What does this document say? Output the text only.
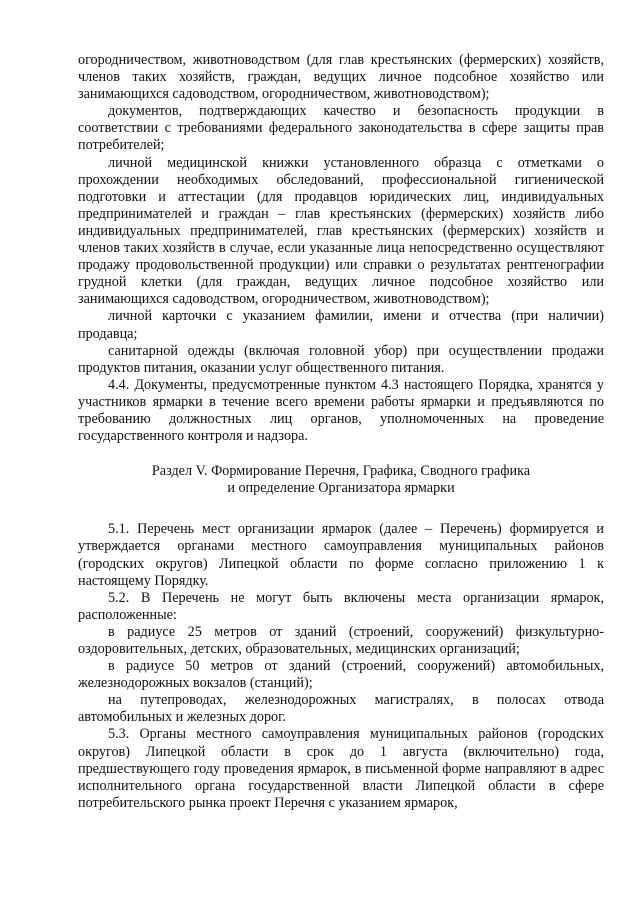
огородничеством, животноводством (для глав крестьянских (фермерских) хозяйств, членов таких хозяйств, граждан, ведущих личное подсобное хозяйство или занимающихся садоводством, огородничеством, животноводством);

документов, подтверждающих качество и безопасность продукции в соответствии с требованиями федерального законодательства в сфере защиты прав потребителей;

личной медицинской книжки установленного образца с отметками о прохождении необходимых обследований, профессиональной гигиенической подготовки и аттестации (для продавцов юридических лиц, индивидуальных предпринимателей и граждан – глав крестьянских (фермерских) хозяйств либо индивидуальных предпринимателей, глав крестьянских (фермерских) хозяйств и членов таких хозяйств в случае, если указанные лица непосредственно осуществляют продажу продовольственной продукции) или справки о результатах рентгенографии грудной клетки (для граждан, ведущих личное подсобное хозяйство или занимающихся садоводством, огородничеством, животноводством);

личной карточки с указанием фамилии, имени и отчества (при наличии) продавца;

санитарной одежды (включая головной убор) при осуществлении продажи продуктов питания, оказании услуг общественного питания.

4.4. Документы, предусмотренные пунктом 4.3 настоящего Порядка, хранятся у участников ярмарки в течение всего времени работы ярмарки и предъявляются по требованию должностных лиц органов, уполномоченных на проведение государственного контроля и надзора.

Раздел V. Формирование Перечня, Графика, Сводного графика
и определение Организатора ярмарки

5.1. Перечень мест организации ярмарок (далее – Перечень) формируется и утверждается органами местного самоуправления муниципальных районов (городских округов) Липецкой области по форме согласно приложению 1 к настоящему Порядку.

5.2. В Перечень не могут быть включены места организации ярмарок, расположенные:

в радиусе 25 метров от зданий (строений, сооружений) физкультурно-оздоровительных, детских, образовательных, медицинских организаций;

в радиусе 50 метров от зданий (строений, сооружений) автомобильных, железнодорожных вокзалов (станций);

на путепроводах, железнодорожных магистралях, в полосах отвода автомобильных и железных дорог.

5.3. Органы местного самоуправления муниципальных районов (городских округов) Липецкой области в срок до 1 августа (включительно) года, предшествующего году проведения ярмарок, в письменной форме направляют в адрес исполнительного органа государственной власти Липецкой области в сфере потребительского рынка проект Перечня с указанием ярмарок,
